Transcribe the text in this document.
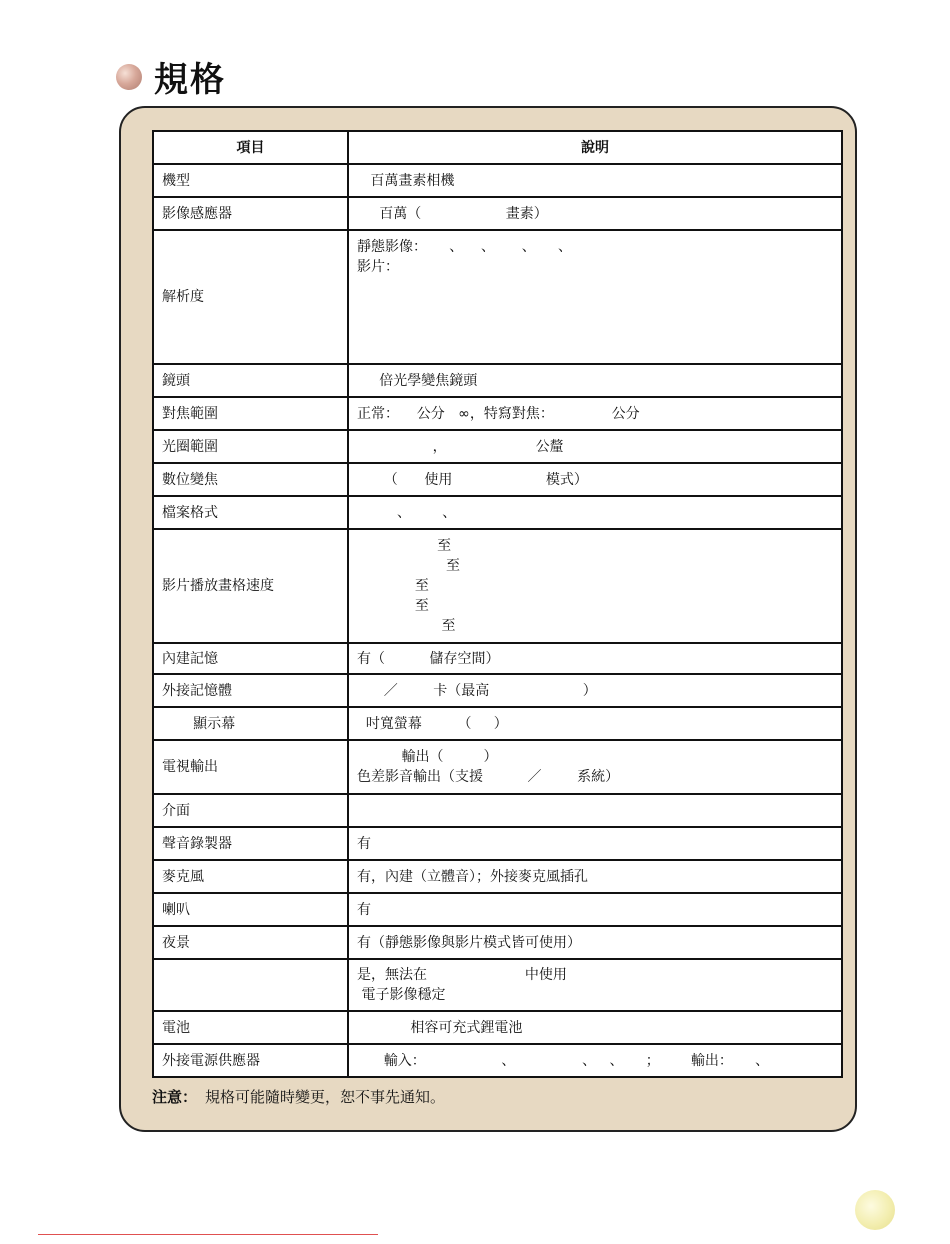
規格
項目	說明
機型	百萬畫素相機

影像感應器	百萬（                   畫素）

解析度	靜態影像：     、    、      、     、
影片：

鏡頭	倍光學變焦鏡頭

對焦範圍	正常：    公分   ∞，特寫對焦：             公分

光圈範圍	，                    公釐

數位變焦	（      使用                     模式）

檔案格式	、       、

影片播放畫格速度	至
至
至
至
至

內建記憶	有（          儲存空間）

外接記憶體	／        卡（最高                     ）

顯示幕	吋寬螢幕        （     ）

電視輸出	輸出（         ）
色差影音輸出（支援          ／        系統）

介面	

聲音錄製器	有

麥克風	有，內建（立體音）；外接麥克風插孔

喇叭	有

夜景	有（靜態影像與影片模式皆可使用）

	是，無法在                      中使用
電子影像穩定

電池	相容可充式鋰電池

外接電源供應器	輸入：                 、               、   、     ；       輸出：     、
注意： 規格可能隨時變更，恕不事先通知。
